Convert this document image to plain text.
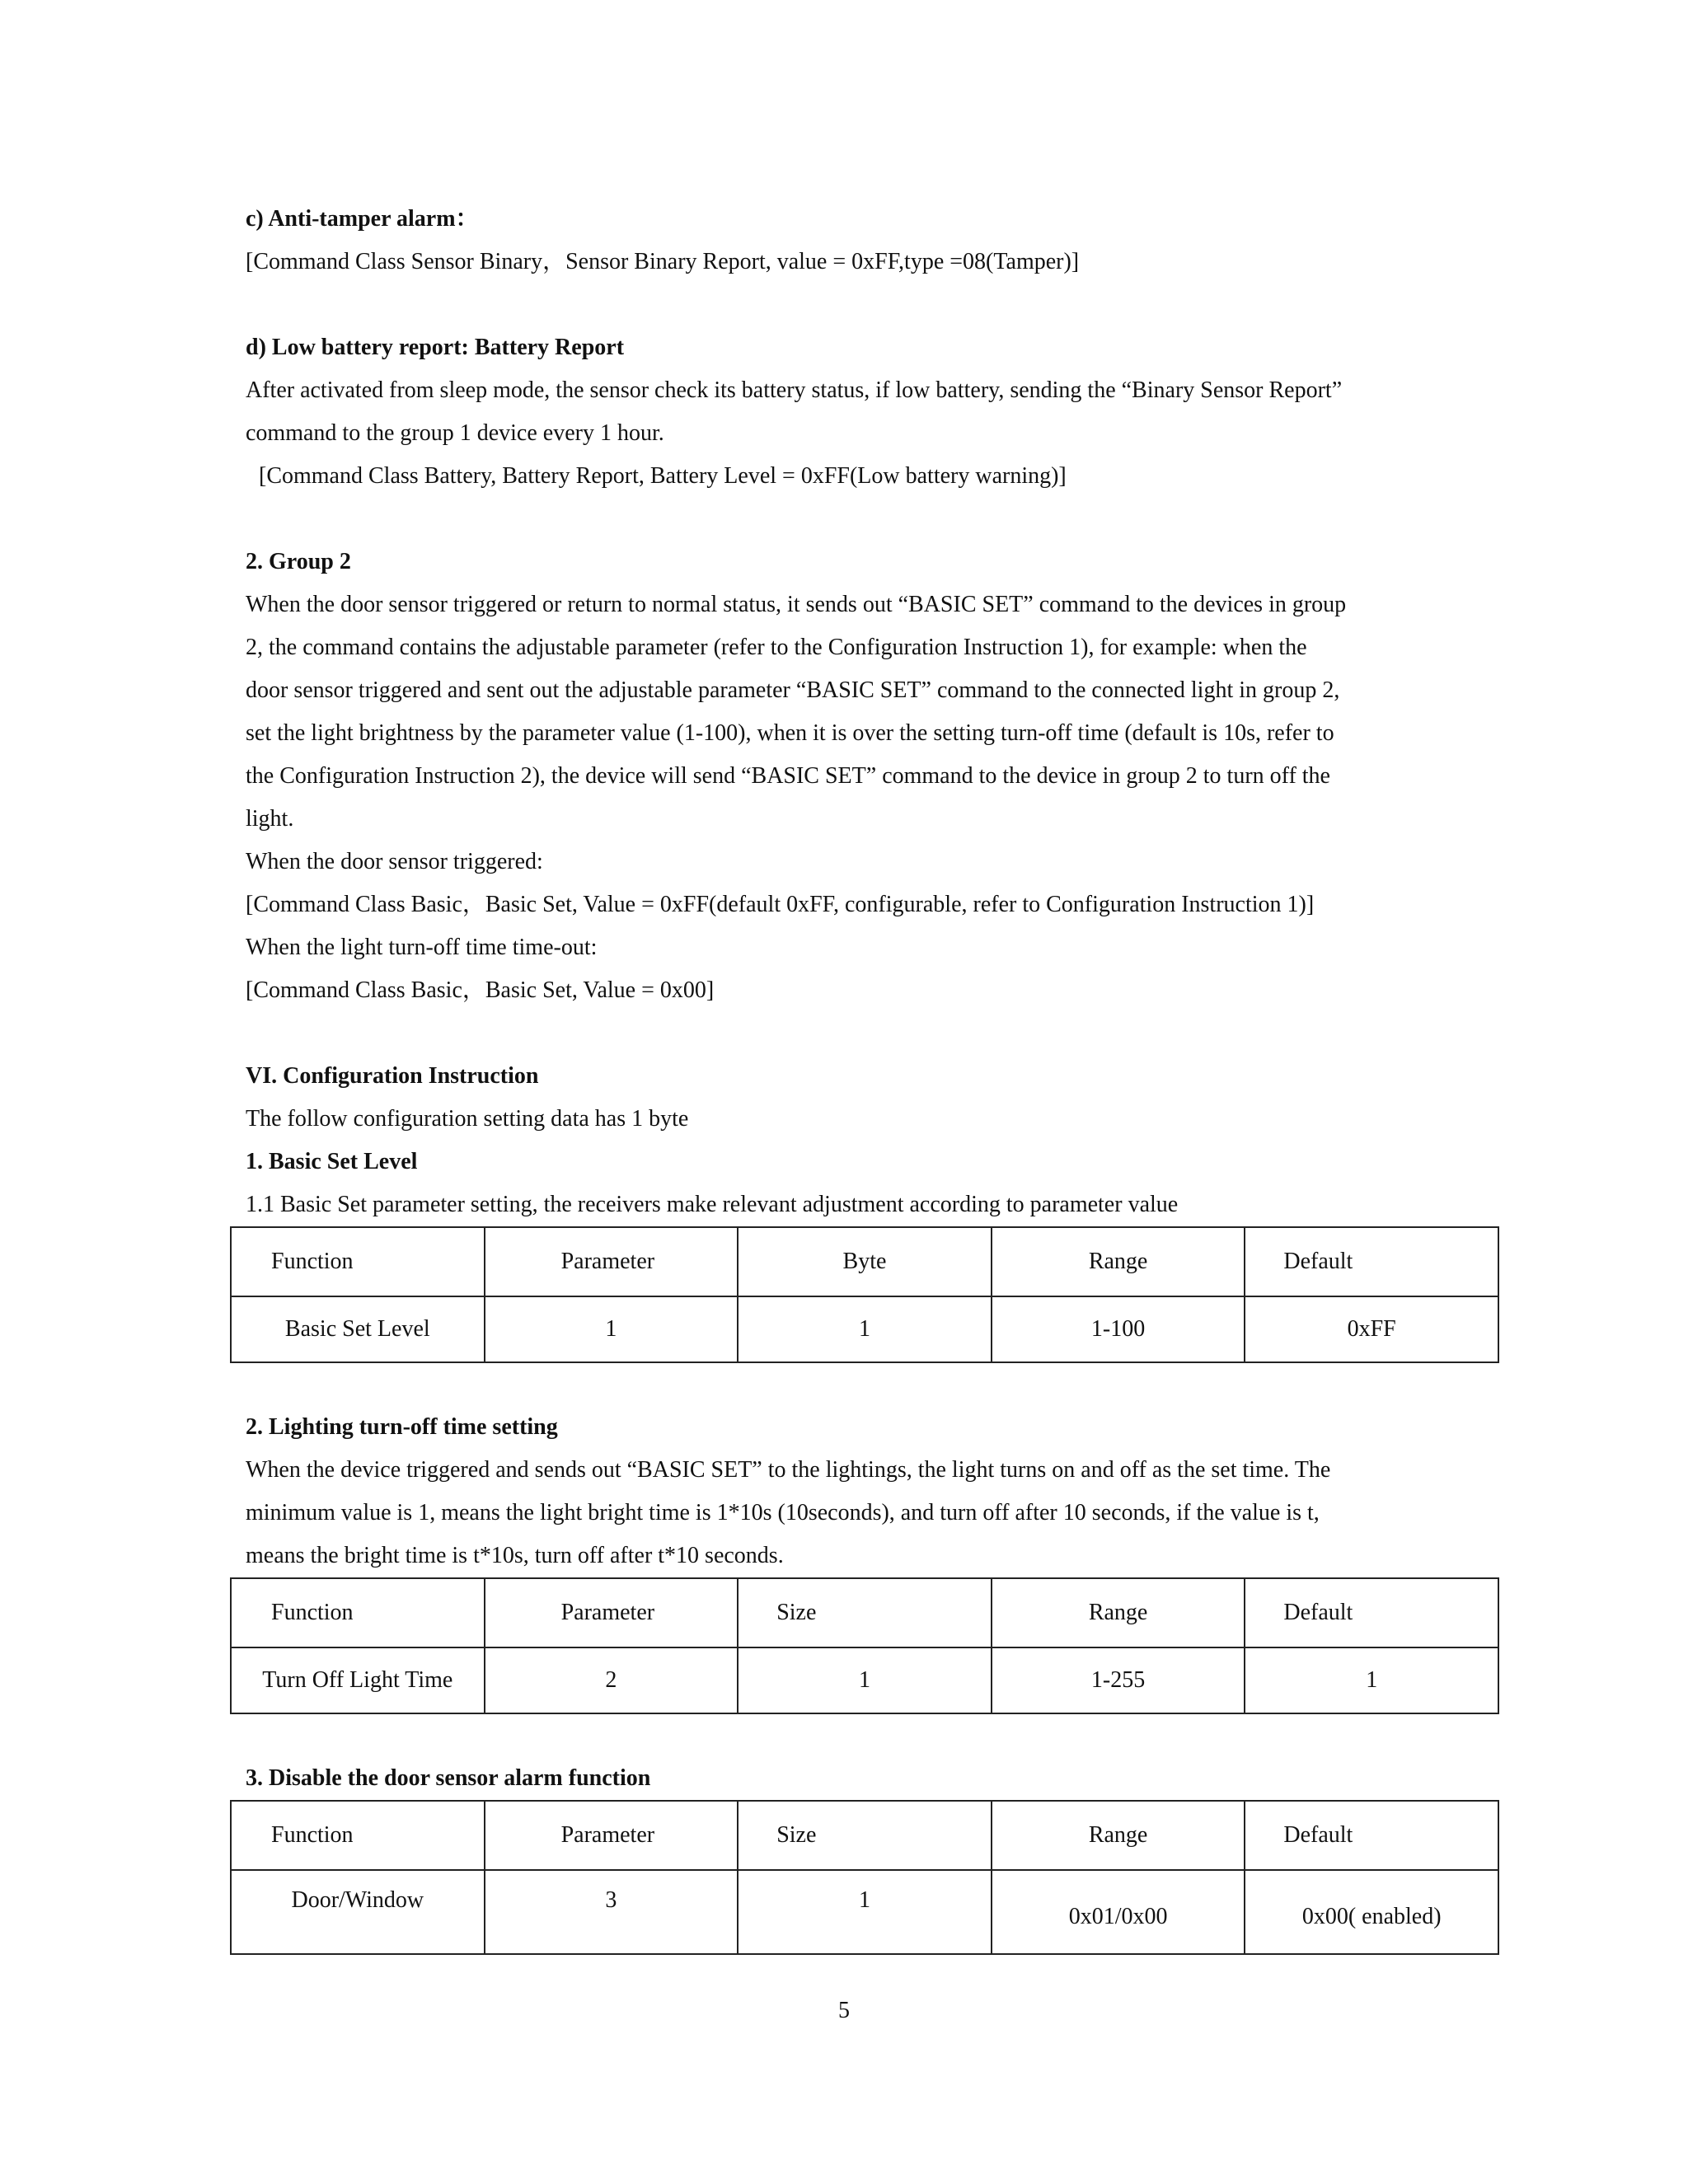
c) Anti-tamper alarm：
[Command Class Sensor Binary，Sensor Binary Report, value = 0xFF,type =08(Tamper)]
d) Low battery report: Battery Report
After activated from sleep mode, the sensor check its battery status, if low battery, sending the “Binary Sensor Report”
command to the group 1 device every 1 hour.
[Command Class Battery, Battery Report, Battery Level = 0xFF(Low battery warning)]
2. Group 2
When the door sensor triggered or return to normal status, it sends out “BASIC SET” command to the devices in group
2, the command contains the adjustable parameter (refer to the Configuration Instruction 1), for example: when the
door sensor triggered and sent out the adjustable parameter “BASIC SET” command to the connected light in group 2,
set the light brightness by the parameter value (1-100), when it is over the setting turn-off time (default is 10s, refer to
the Configuration Instruction 2), the device will send “BASIC SET” command to the device in group 2 to turn off the
light.
When the door sensor triggered:
[Command Class Basic，Basic Set, Value = 0xFF(default 0xFF, configurable, refer to Configuration Instruction 1)]
When the light turn-off time time-out:
[Command Class Basic，Basic Set, Value = 0x00]
VI. Configuration Instruction
The follow configuration setting data has 1 byte
1. Basic Set Level
1.1 Basic Set parameter setting, the receivers make relevant adjustment according to parameter value
Function	Parameter	Byte	Range	Default
Basic Set Level	1	1	1-100	0xFF
2. Lighting turn-off time setting
When the device triggered and sends out “BASIC SET” to the lightings, the light turns on and off as the set time. The
minimum value is 1, means the light bright time is 1*10s (10seconds), and turn off after 10 seconds, if the value is t,
means the bright time is t*10s, turn off after t*10 seconds.
Function	Parameter	Size	Range	Default
Turn Off Light Time	2	1	1-255	1
3. Disable the door sensor alarm function
Function	Parameter	Size	Range	Default
Door/Window	3	1	0x01/0x00	0x00( enabled)
5
